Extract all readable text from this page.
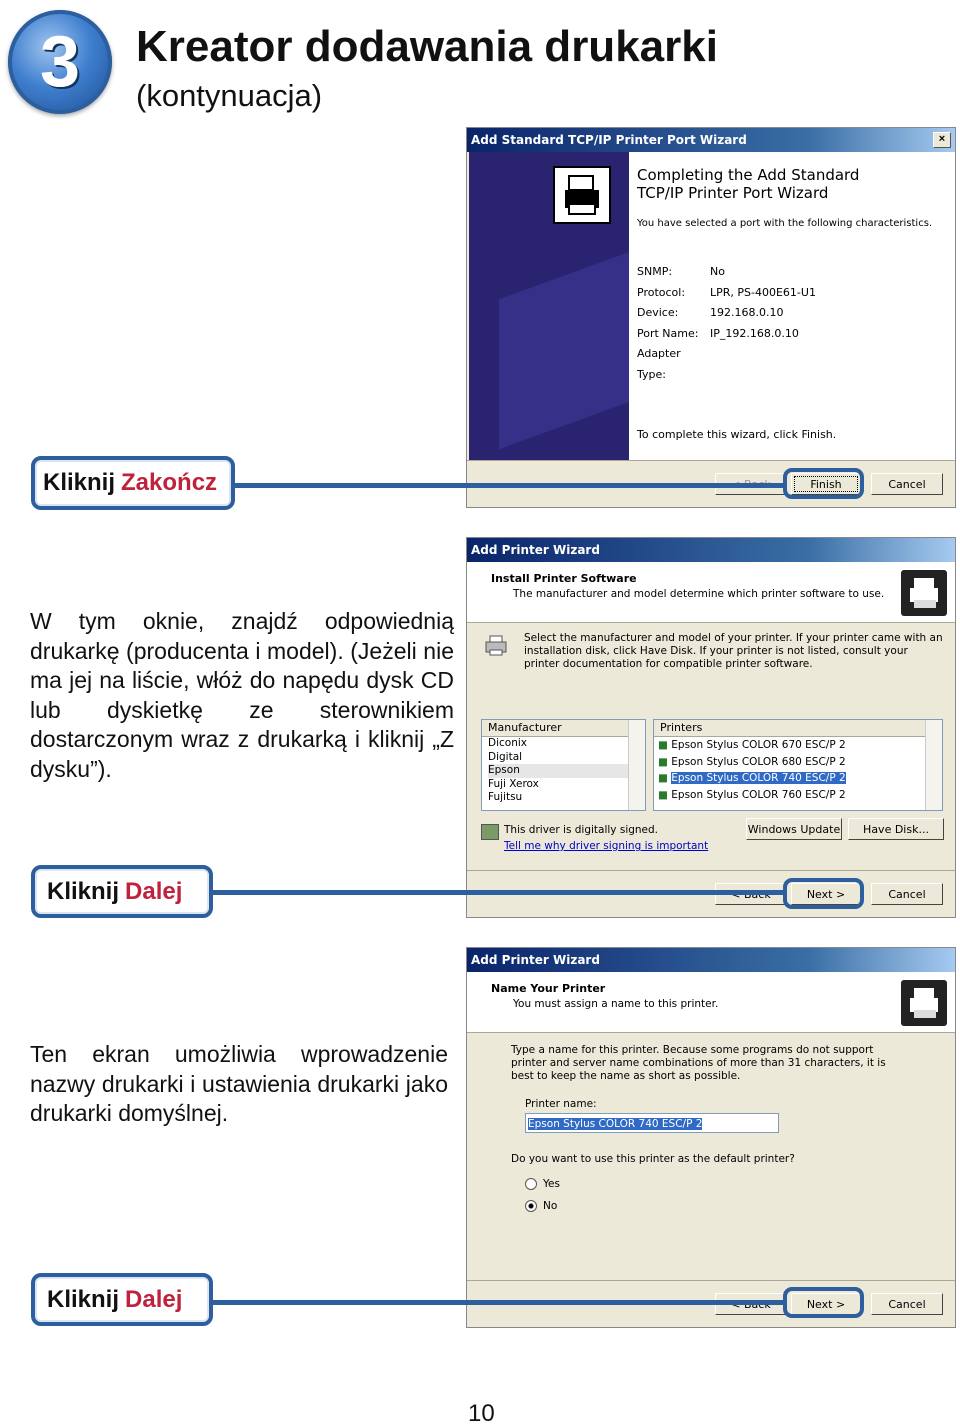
3 Kreator dodawania drukarki
(kontynuacja)
Add Standard TCP/IP Printer Port Wizard	×
Completing the Add Standard
TCP/IP Printer Port Wizard
You have selected a port with the following characteristics.
SNMP:	No
Protocol: LPR, PS-400E61-U1
Device:	192.168.0.10
Port Name: IP_192.168.0.10
Adapter Type:
To complete this wizard, click Finish.
Finish	Cancel
Kliknij Zakończ
W tym oknie, znajdź odpowiednią drukarkę (producenta i model). (Jeżeli nie ma jej na liście, włóż do napędu dysk CD lub dyskietkę ze sterownikiem dostarczonym wraz z drukarką i kliknij „Z dysku”).
Add Printer Wizard
Install Printer Software
The manufacturer and model determine which printer software to use.
Select the manufacturer and model of your printer. If your printer came with an installation disk, click Have Disk. If your printer is not listed, consult your printer documentation for compatible printer software.
Manufacturer
Diconix
Digital
Epson
Fuji Xerox
Fujitsu
Printers
■ Epson Stylus COLOR 670 ESC/P 2
■ Epson Stylus COLOR 680 ESC/P 2
■ Epson Stylus COLOR 740 ESC/P 2
■ Epson Stylus COLOR 760 ESC/P 2
This driver is digitally signed.
Tell me why driver signing is important
Windows Update	Have Disk...
Next >	Cancel
Kliknij Dalej
Ten ekran umożliwia wprowadzenie nazwy drukarki i ustawienia drukarki jako drukarki domyślnej.
Add Printer Wizard
Name Your Printer
You must assign a name to this printer.
Type a name for this printer. Because some programs do not support printer and server name combinations of more than 31 characters, it is best to keep the name as short as possible.
Printer name:
Epson Stylus COLOR 740 ESC/P 2
Do you want to use this printer as the default printer?
Yes
No
Next >	Cancel
Kliknij Dalej
10
